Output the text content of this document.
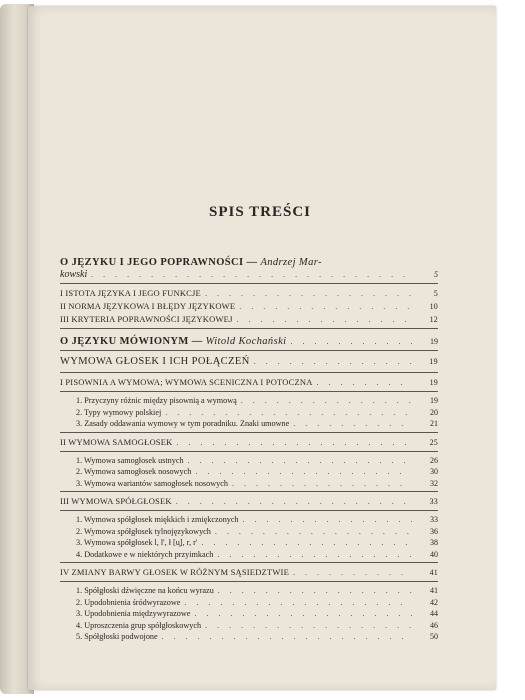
SPIS TREŚCI
O JĘZYKU I JEGO POPRAWNOŚCI — Andrzej Mar-
kowski . . .	5
I ISTOTA JĘZYKA I JEGO FUNKCJE . . .	5
II NORMA JĘZYKOWA I BŁĘDY JĘZYKOWE . . .	10
III KRYTERIA POPRAWNOŚCI JĘZYKOWEJ . . .	12
O JĘZYKU MÓWIONYM — Witold Kochański . . .	19
WYMOWA GŁOSEK I ICH POŁĄCZEŃ . . .	19
I PISOWNIA A WYMOWA; WYMOWA SCENICZNA I POTOCZNA . . .	19
1. Przyczyny różnic między pisownią a wymową . . .	19
2. Typy wymowy polskiej . . .	20
3. Zasady oddawania wymowy w tym poradniku. Znaki umowne . . .	21
II WYMOWA SAMOGŁOSEK . . .	25
1. Wymowa samogłosek ustnych . . .	26
2. Wymowa samogłosek nosowych . . .	30
3. Wymowa wariantów samogłosek nosowych . . .	32
III WYMOWA SPÓŁGŁOSEK . . .	33
1. Wymowa spółgłosek miękkich i zmiękczonych . . .	33
2. Wymowa spółgłosek tylnojęzykowych . . .	36
3. Wymowa spółgłosek l, l', ł [u̯], r, r' . . .	38
4. Dodatkowe e w niektórych przyimkach . . .	40
IV ZMIANY BARWY GŁOSEK W RÓŻNYM SĄSIEDZTWIE . . .	41
1. Spółgłoski dźwięczne na końcu wyrazu . . .	41
2. Upodobnienia śródwyrazowe . . .	42
3. Upodobnienia międzywyrazowe . . .	44
4. Uproszczenia grup spółgłoskowych . . .	46
5. Spółgłoski podwojone . . .	50
